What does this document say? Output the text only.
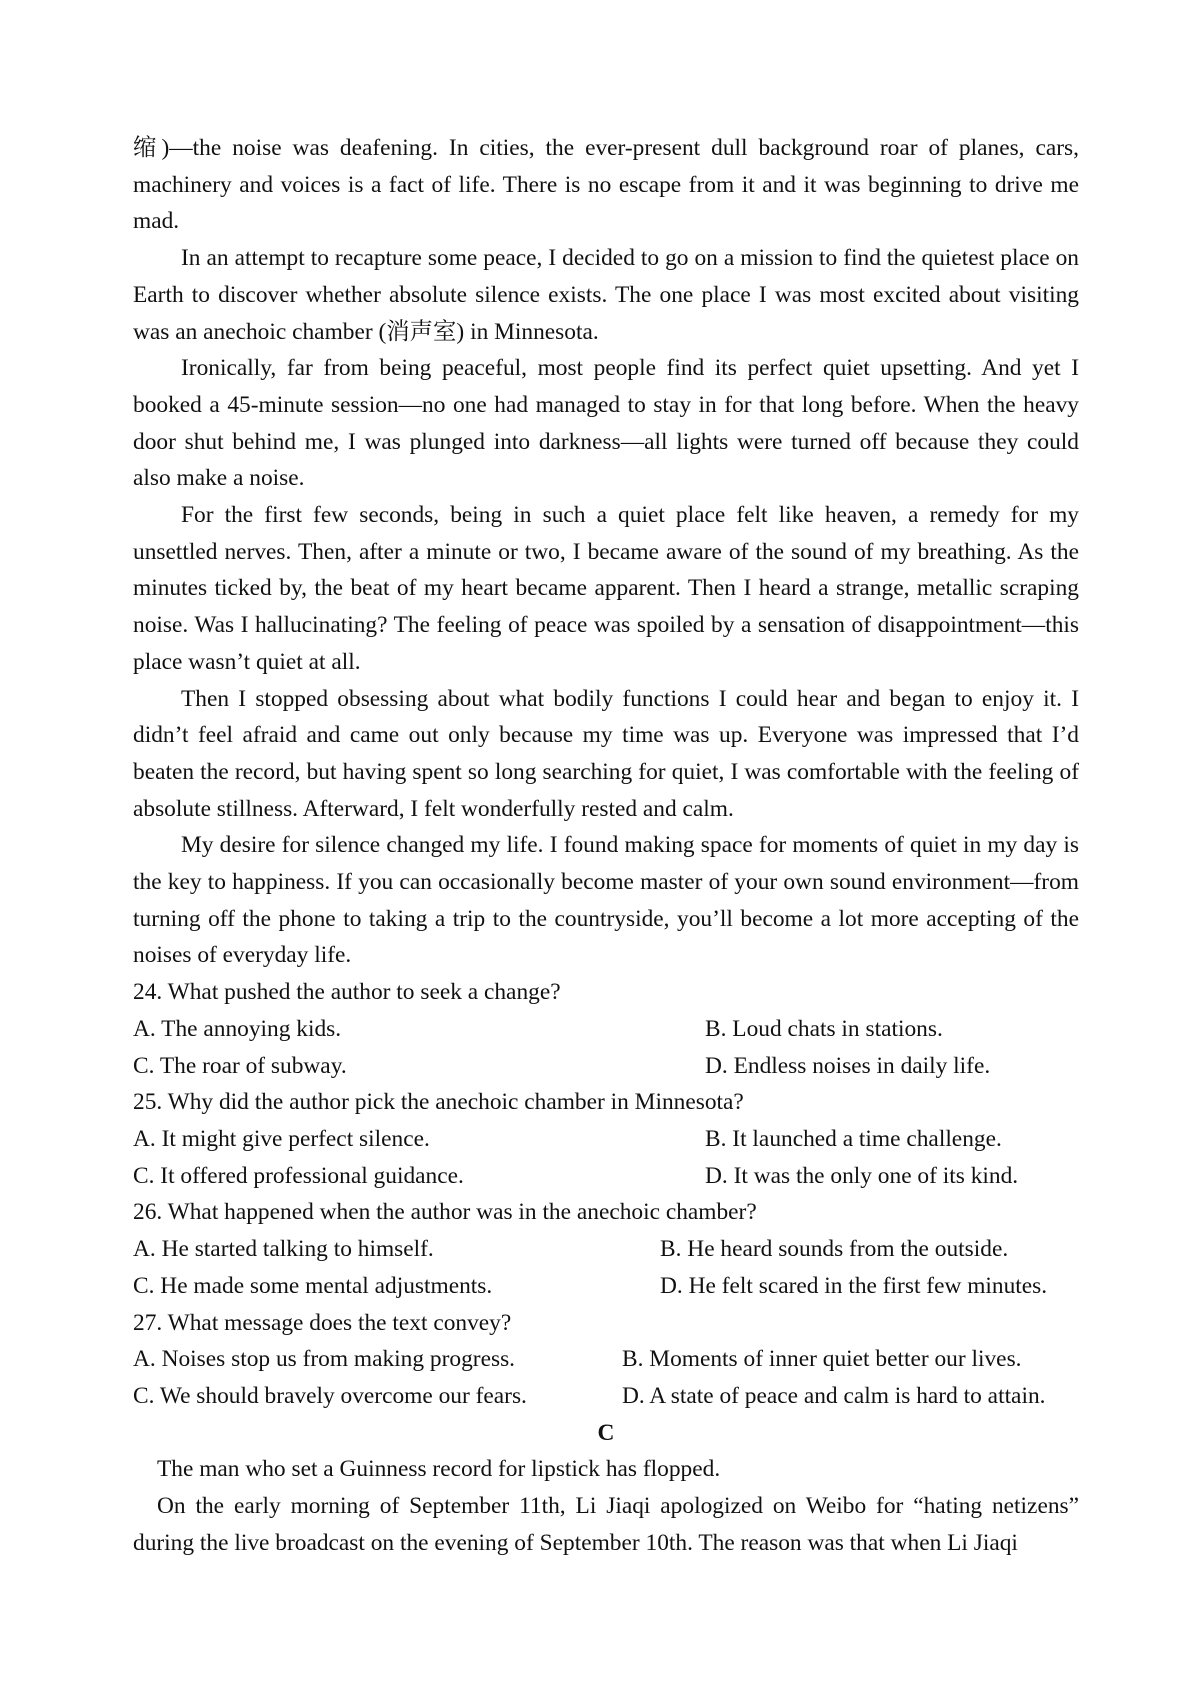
缩)—the noise was deafening. In cities, the ever-present dull background roar of planes, cars, machinery and voices is a fact of life. There is no escape from it and it was beginning to drive me mad.

In an attempt to recapture some peace, I decided to go on a mission to find the quietest place on Earth to discover whether absolute silence exists. The one place I was most excited about visiting was an anechoic chamber (消声室) in Minnesota.

Ironically, far from being peaceful, most people find its perfect quiet upsetting. And yet I booked a 45-minute session—no one had managed to stay in for that long before. When the heavy door shut behind me, I was plunged into darkness—all lights were turned off because they could also make a noise.

For the first few seconds, being in such a quiet place felt like heaven, a remedy for my unsettled nerves. Then, after a minute or two, I became aware of the sound of my breathing. As the minutes ticked by, the beat of my heart became apparent. Then I heard a strange, metallic scraping noise. Was I hallucinating? The feeling of peace was spoiled by a sensation of disappointment—this place wasn’t quiet at all.

Then I stopped obsessing about what bodily functions I could hear and began to enjoy it. I didn’t feel afraid and came out only because my time was up. Everyone was impressed that I’d beaten the record, but having spent so long searching for quiet, I was comfortable with the feeling of absolute stillness. Afterward, I felt wonderfully rested and calm.

My desire for silence changed my life. I found making space for moments of quiet in my day is the key to happiness. If you can occasionally become master of your own sound environment—from turning off the phone to taking a trip to the countryside, you’ll become a lot more accepting of the noises of everyday life.

24. What pushed the author to seek a change?

A. The annoying kids.	B. Loud chats in stations.
C. The roar of subway.	D. Endless noises in daily life.

25. Why did the author pick the anechoic chamber in Minnesota?

A. It might give perfect silence.	B. It launched a time challenge.
C. It offered professional guidance.	D. It was the only one of its kind.

26. What happened when the author was in the anechoic chamber?

A. He started talking to himself.	B. He heard sounds from the outside.
C. He made some mental adjustments.	D. He felt scared in the first few minutes.

27. What message does the text convey?

A. Noises stop us from making progress.	B. Moments of inner quiet better our lives.
C. We should bravely overcome our fears.	D. A state of peace and calm is hard to attain.

C

The man who set a Guinness record for lipstick has flopped.

On the early morning of September 11th, Li Jiaqi apologized on Weibo for “hating netizens” during the live broadcast on the evening of September 10th. The reason was that when Li Jiaqi
